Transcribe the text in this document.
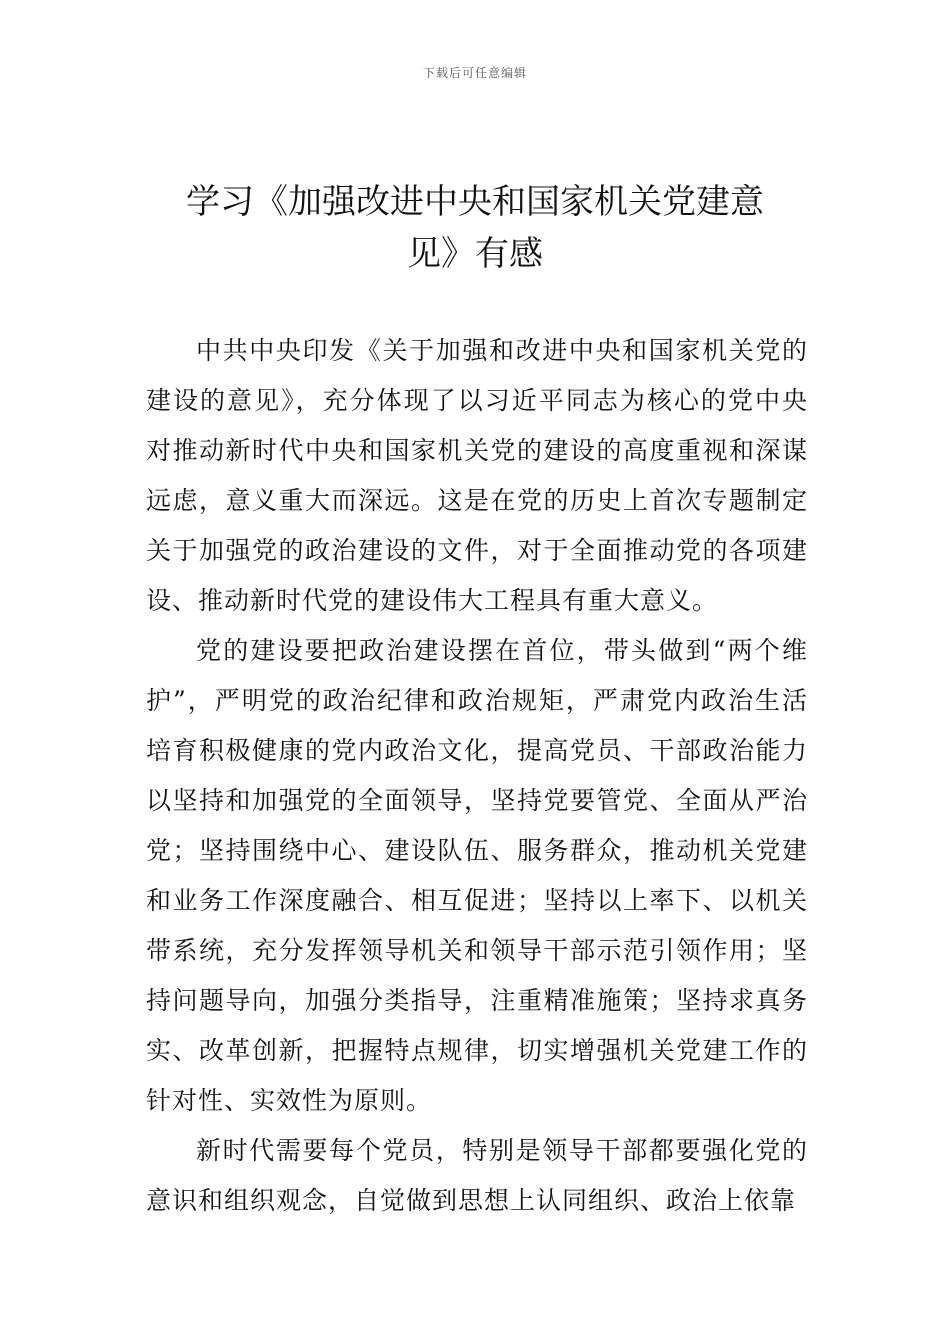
下载后可任意编辑
学习《加强改进中央和国家机关党建意
见》有感

中共中央印发《关于加强和改进中央和国家机关党的建设的意见》，充分体现了以习近平同志为核心的党中央对推动新时代中央和国家机关党的建设的高度重视和深谋远虑，意义重大而深远。这是在党的历史上首次专题制定关于加强党的政治建设的文件，对于全面推动党的各项建设、推动新时代党的建设伟大工程具有重大意义。

党的建设要把政治建设摆在首位，带头做到“两个维护”，严明党的政治纪律和政治规矩，严肃党内政治生活培育积极健康的党内政治文化，提高党员、干部政治能力以坚持和加强党的全面领导，坚持党要管党、全面从严治党；坚持围绕中心、建设队伍、服务群众，推动机关党建和业务工作深度融合、相互促进；坚持以上率下、以机关带系统，充分发挥领导机关和领导干部示范引领作用；坚持问题导向，加强分类指导，注重精准施策；坚持求真务实、改革创新，把握特点规律，切实增强机关党建工作的针对性、实效性为原则。

新时代需要每个党员，特别是领导干部都要强化党的意识和组织观念，自觉做到思想上认同组织、政治上依靠
